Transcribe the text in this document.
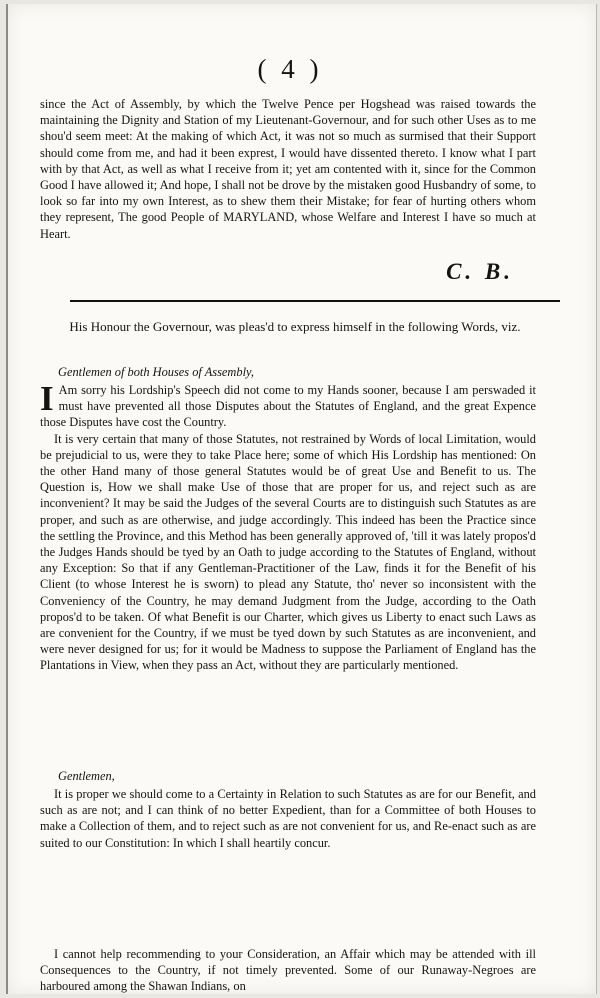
( 4 )

since the Act of Assembly, by which the Twelve Pence per Hogshead was raised towards the maintaining the Dignity and Station of my Lieutenant-Governour, and for such other Uses as to me shou'd seem meet: At the making of which Act, it was not so much as surmised that their Support should come from me, and had it been exprest, I would have dissented thereto. I know what I part with by that Act, as well as what I receive from it; yet am contented with it, since for the Common Good I have allowed it; And hope, I shall not be drove by the mistaken good Husbandry of some, to look so far into my own Interest, as to shew them their Mistake; for fear of hurting others whom they represent, The good People of MARYLAND, whose Welfare and Interest I have so much at Heart.

C. B.
His Honour the Governour, was pleas'd to express himself in the following Words, viz.
Gentlemen of both Houses of Assembly,

I Am sorry his Lordship's Speech did not come to my Hands sooner, because I am perswaded it must have prevented all those Disputes about the Statutes of England, and the great Expence those Disputes have cost the Country.

It is very certain that many of those Statutes, not restrained by Words of local Limitation, would be prejudicial to us, were they to take Place here; some of which His Lordship has mentioned: On the other Hand many of those general Statutes would be of great Use and Benefit to us. The Question is, How we shall make Use of those that are proper for us, and reject such as are inconvenient? It may be said the Judges of the several Courts are to distinguish such Statutes as are proper, and such as are otherwise, and judge accordingly. This indeed has been the Practice since the settling the Province, and this Method has been generally approved of, 'till it was lately propos'd the Judges Hands should be tyed by an Oath to judge according to the Statutes of England, without any Exception: So that if any Gentleman-Practitioner of the Law, finds it for the Benefit of his Client (to whose Interest he is sworn) to plead any Statute, tho' never so inconsistent with the Conveniency of the Country, he may demand Judgment from the Judge, according to the Oath propos'd to be taken. Of what Benefit is our Charter, which gives us Liberty to enact such Laws as are convenient for the Country, if we must be tyed down by such Statutes as are inconvenient, and were never designed for us; for it would be Madness to suppose the Parliament of England has the Plantations in View, when they pass an Act, without they are particularly mentioned.

Gentlemen,

It is proper we should come to a Certainty in Relation to such Statutes as are for our Benefit, and such as are not; and I can think of no better Expedient, than for a Committee of both Houses to make a Collection of them, and to reject such as are not convenient for us, and Re-enact such as are suited to our Constitution: In which I shall heartily concur.

I cannot help recommending to your Consideration, an Affair which may be attended with ill Consequences to the Country, if not timely prevented. Some of our Runaway-Negroes are harboured among the Shawan Indians, on
